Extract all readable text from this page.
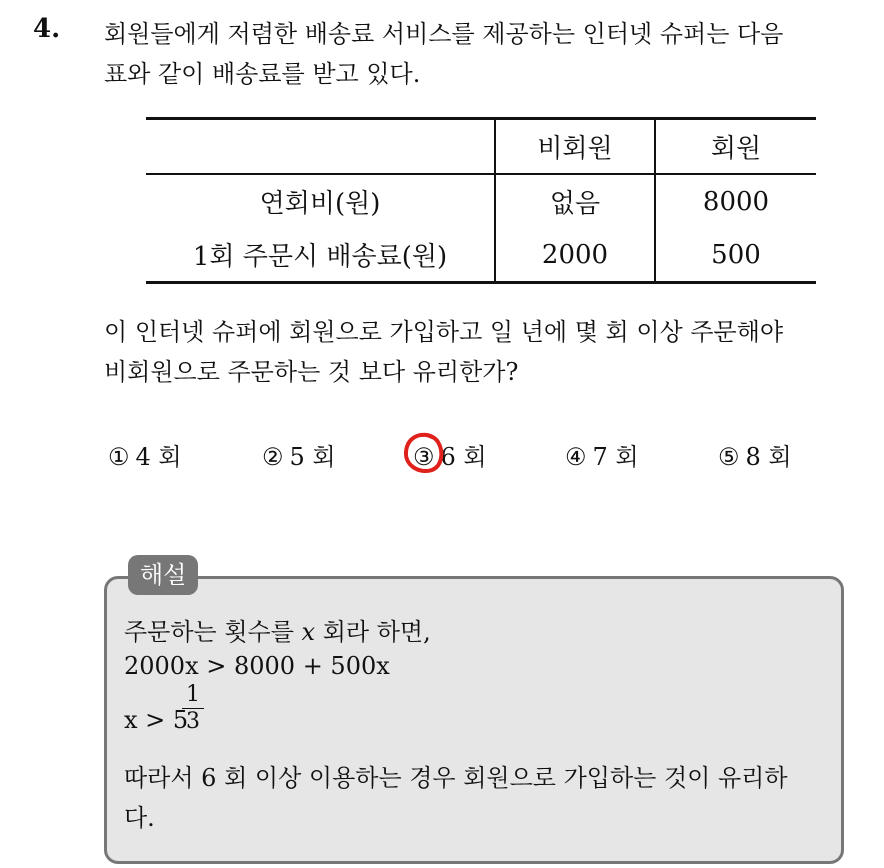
4. 회원들에게 저렴한 배송료 서비스를 제공하는 인터넷 슈퍼는 다음
표와 같이 배송료를 받고 있다.
	비회원	회원
연회비(원)	없음	8000
1회 주문시 배송료(원)	2000	500
이 인터넷 슈퍼에 회원으로 가입하고 일 년에 몇 회 이상 주문해야
비회원으로 주문하는 것 보다 유리한가?
① 4 회	② 5 회	③ 6 회	④ 7 회	⑤ 8 회
해설
주문하는 횟수를 x 회라 하면,
2000x > 8000 + 500x
x > 5
1
3
따라서 6 회 이상 이용하는 경우 회원으로 가입하는 것이 유리하
다.
